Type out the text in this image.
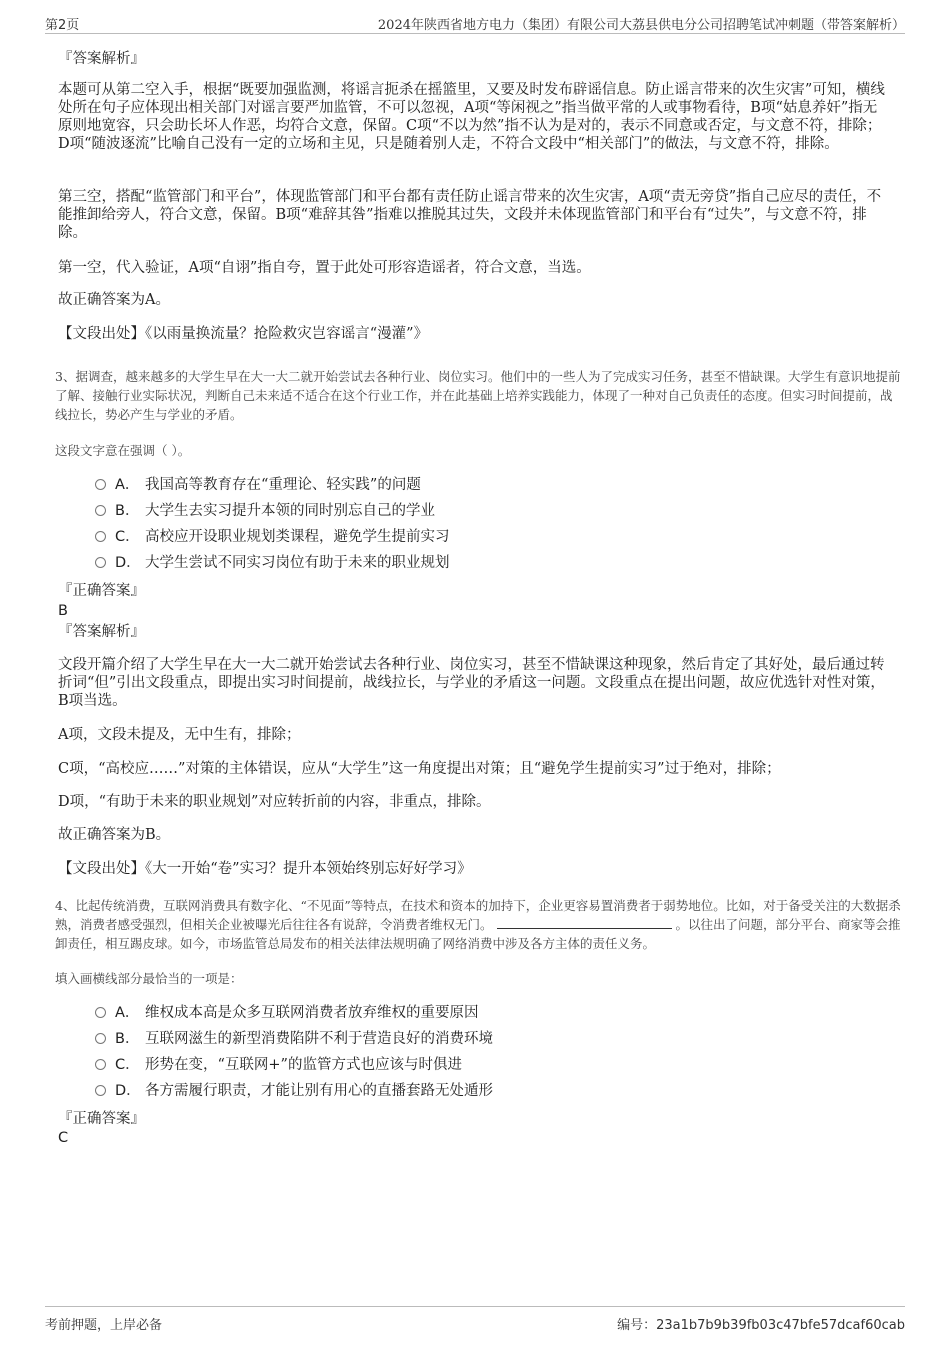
第2页	2024年陕西省地方电力（集团）有限公司大荔县供电分公司招聘笔试冲刺题（带答案解析）
『答案解析』
本题可从第二空入手，根据“既要加强监测，将谣言扼杀在摇篮里，又要及时发布辟谣信息。防止谣言带来的次生灾害”可知，横线处所在句子应体现出相关部门对谣言要严加监管，不可以忽视，A项“等闲视之”指当做平常的人或事物看待，B项“姑息养奸”指无原则地宽容，只会助长坏人作恶，均符合文意，保留。C项“不以为然”指不认为是对的，表示不同意或否定，与文意不符，排除；D项“随波逐流”比喻自己没有一定的立场和主见，只是随着别人走，不符合文段中“相关部门”的做法，与文意不符，排除。
第三空，搭配“监管部门和平台”，体现监管部门和平台都有责任防止谣言带来的次生灾害，A项“责无旁贷”指自己应尽的责任，不能推卸给旁人，符合文意，保留。B项“难辞其咎”指难以推脱其过失，文段并未体现监管部门和平台有“过失”，与文意不符，排除。
第一空，代入验证，A项“自诩”指自夸，置于此处可形容造谣者，符合文意，当选。
故正确答案为A。
【文段出处】《以雨量换流量？抢险救灾岂容谣言“漫灌”》
3、据调查，越来越多的大学生早在大一大二就开始尝试去各种行业、岗位实习。他们中的一些人为了完成实习任务，甚至不惜缺课。大学生有意识地提前了解、接触行业实际状况，判断自己未来适不适合在这个行业工作，并在此基础上培养实践能力，体现了一种对自己负责任的态度。但实习时间提前，战线拉长，势必产生与学业的矛盾。
这段文字意在强调（ ）。
A． 我国高等教育存在“重理论、轻实践”的问题
B． 大学生去实习提升本领的同时别忘自己的学业
C． 高校应开设职业规划类课程，避免学生提前实习
D． 大学生尝试不同实习岗位有助于未来的职业规划
『正确答案』
B
『答案解析』
文段开篇介绍了大学生早在大一大二就开始尝试去各种行业、岗位实习，甚至不惜缺课这种现象，然后肯定了其好处，最后通过转折词“但”引出文段重点，即提出实习时间提前，战线拉长，与学业的矛盾这一问题。文段重点在提出问题，故应优选针对性对策，B项当选。
A项，文段未提及，无中生有，排除；
C项，“高校应……”对策的主体错误，应从“大学生”这一角度提出对策；且“避免学生提前实习”过于绝对，排除；
D项，“有助于未来的职业规划”对应转折前的内容，非重点，排除。
故正确答案为B。
【文段出处】《大一开始“卷”实习？提升本领始终别忘好好学习》
4、比起传统消费，互联网消费具有数字化、“不见面”等特点，在技术和资本的加持下，企业更容易置消费者于弱势地位。比如，对于备受关注的大数据杀熟，消费者感受强烈，但相关企业被曝光后往往各有说辞，令消费者维权无门。	。以往出了问题，部分平台、商家等会推卸责任，相互踢皮球。如今，市场监管总局发布的相关法律法规明确了网络消费中涉及各方主体的责任义务。
填入画横线部分最恰当的一项是：
A． 维权成本高是众多互联网消费者放弃维权的重要原因
B． 互联网滋生的新型消费陷阱不利于营造良好的消费环境
C． 形势在变，“互联网+”的监管方式也应该与时俱进
D． 各方需履行职责，才能让别有用心的直播套路无处遁形
『正确答案』
C
考前押题，上岸必备	编号：23a1b7b9b39fb03c47bfe57dcaf60cab
